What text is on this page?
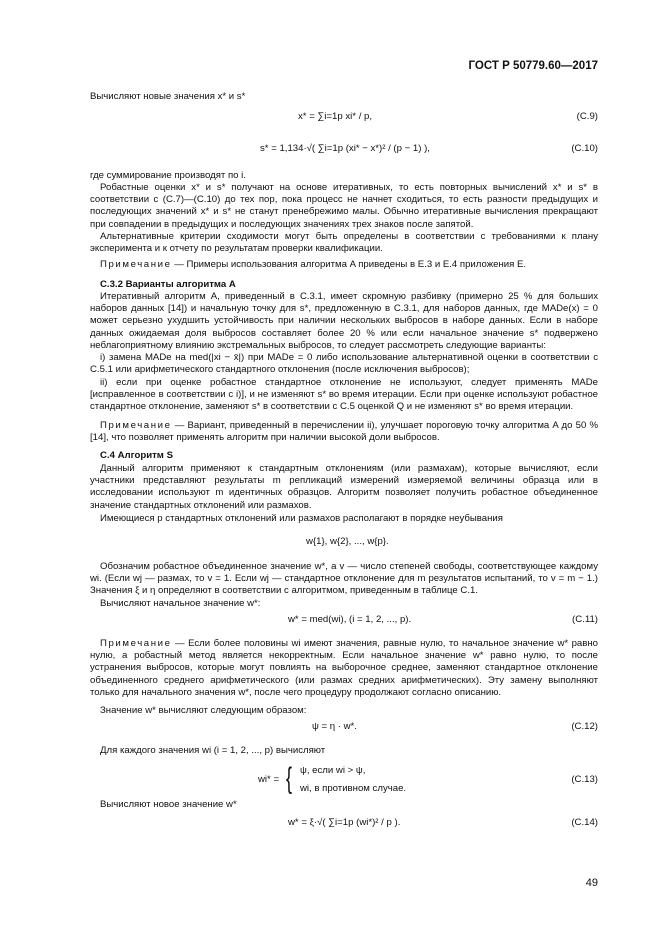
ГОСТ Р 50779.60—2017
Вычисляют новые значения x* и s*
x* = ∑i=1p xi* / p,	(С.9)
s* = 1,134·√( ∑i=1p (xi* − x*)² / (p − 1) ),	(С.10)
где суммирование производят по i.
Робастные оценки x* и s* получают на основе итеративных, то есть повторных вычислений x* и s* в соответствии с (С.7)—(С.10) до тех пор, пока процесс не начнет сходиться, то есть разности предыдущих и последующих значений x* и s* не станут пренебрежимо малы. Обычно итеративные вычисления прекращают при совпадении в предыдущих и последующих значениях трех знаков после запятой.
Альтернативные критерии сходимости могут быть определены в соответствии с требованиями к плану эксперимента и к отчету по результатам проверки квалификации.
Примечание — Примеры использования алгоритма A приведены в Е.3 и Е.4 приложения Е.
С.3.2 Варианты алгоритма А
Итеративный алгоритм A, приведенный в С.3.1, имеет скромную разбивку (примерно 25 % для больших наборов данных [14]) и начальную точку для s*, предложенную в С.3.1, для наборов данных, где MADe(x) = 0 может серьезно ухудшить устойчивость при наличии нескольких выбросов в наборе данных. Если в наборе данных ожидаемая доля выбросов составляет более 20 % или если начальное значение s* подвержено неблагоприятному влиянию экстремальных выбросов, то следует рассмотреть следующие варианты:
i) замена MADe на med(|xi − x̄|) при MADe = 0 либо использование альтернативной оценки в соответствии с С.5.1 или арифметического стандартного отклонения (после исключения выбросов);
ii) если при оценке робастное стандартное отклонение не используют, следует применять MADe [исправленное в соответствии с i)], и не изменяют s* во время итерации. Если при оценке используют робастное стандартное отклонение, заменяют s* в соответствии с С.5 оценкой Q и не изменяют s* во время итерации.
Примечание — Вариант, приведенный в перечислении ii), улучшает пороговую точку алгоритма A до 50 % [14], что позволяет применять алгоритм при наличии высокой доли выбросов.
С.4 Алгоритм S
Данный алгоритм применяют к стандартным отклонениям (или размахам), которые вычисляют, если участники представляют результаты m репликаций измерений измеряемой величины образца или в исследовании используют m идентичных образцов. Алгоритм позволяет получить робастное объединенное значение стандартных отклонений или размахов.
Имеющиеся p стандартных отклонений или размахов располагают в порядке неубывания
w{1}, w{2}, ..., w{p}.
Обозначим робастное объединенное значение w*, а v — число степеней свободы, соответствующее каждому wi. (Если wj — размах, то v = 1. Если wj — стандартное отклонение для m результатов испытаний, то v = m − 1.) Значения ξ и η определяют в соответствии с алгоритмом, приведенным в таблице С.1.
Вычисляют начальное значение w*:
w* = med(wi), (i = 1, 2, ..., p).	(С.11)
Примечание — Если более половины wi имеют значения, равные нулю, то начальное значение w* равно нулю, а робастный метод является некорректным. Если начальное значение w* равно нулю, то после устранения выбросов, которые могут повлиять на выборочное среднее, заменяют стандартное отклонение объединенного среднего арифметического (или размах средних арифметических). Эту замену выполняют только для начального значения w*, после чего процедуру продолжают согласно описанию.
Значение w* вычисляют следующим образом:
ψ = η · w*.	(С.12)
Для каждого значения wi (i = 1, 2, ..., p) вычисляют
wi* = { ψ, если wi > ψ,
wi, в противном случае.
(С.13)
Вычисляют новое значение w*
w* = ξ·√( ∑i=1p (wi*)² / p ).	(С.14)
49
